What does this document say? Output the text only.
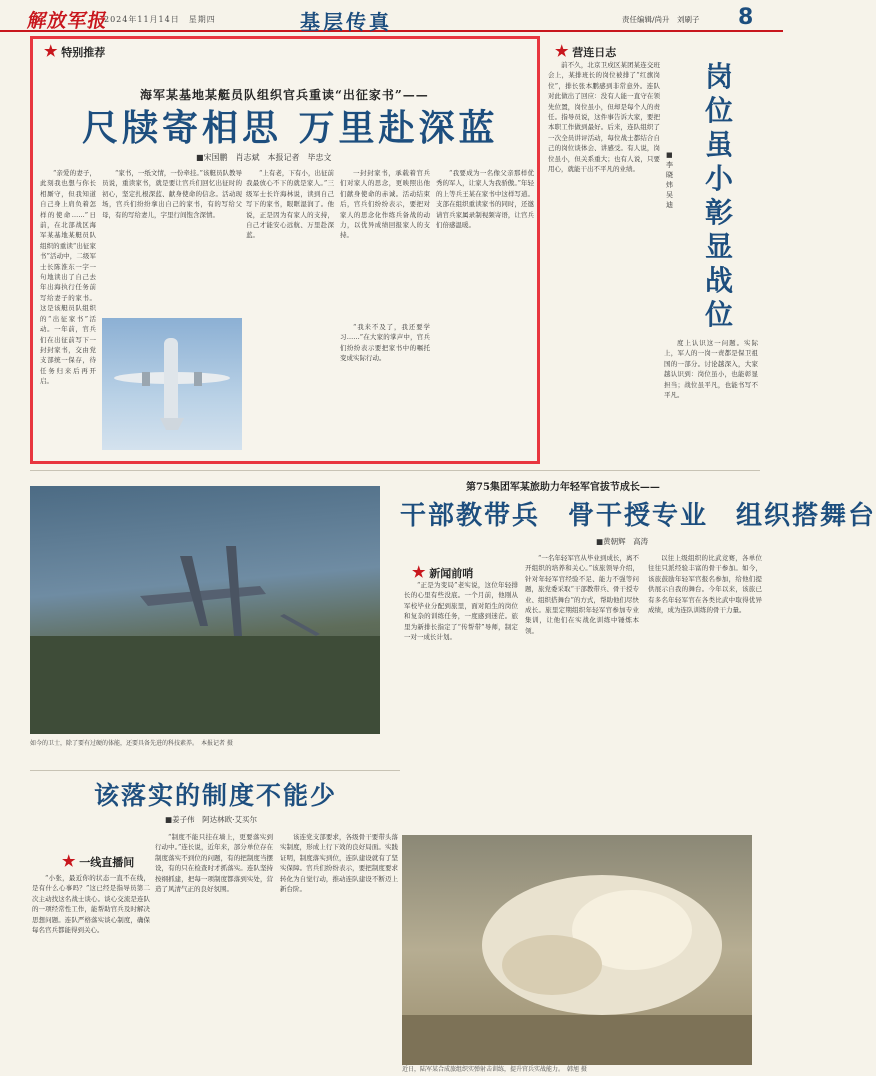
解放军报
2024年11月14日　星期四	基层传真	责任编辑/尚升　刘刷子 8
★ 特别推荐
海军某基地某艇员队组织官兵重读“出征家书”——
尺牍寄相思 万里赴深蓝
■宋国鹏　肖志斌　本报记者　毕忠文

“亲爱的妻子，此刻我也想与你长相厮守，但我知道自己身上肩负着怎样的使命……”日前，在北部战区海军某基地某艇员队组织的重读“出征家书”活动中，二级军士长陈淮东一字一句地读出了自己去年出海执行任务前写给妻子的家书。这是该艇员队组织的“出征家书”活动。一年前，官兵们在出征前写下一封封家书，交由党支部统一保存，待任务归来后再开启。

“家书，一纸文情，一份牵挂。”该艇员队教导员说，重读家书，就是要让官兵们回忆出征时的初心，坚定扎根深蓝、献身使命的信念。活动现场，官兵们纷纷拿出自己的家书，有的写给父母，有的写给妻儿，字里行间饱含深情。

“上有老，下有小，出征前我最放心不下的就是家人。”三级军士长许海林说，读到自己写下的家书，眼眶湿润了。他说，正是因为有家人的支持，自己才能安心远航、万里赴深蓝。

一封封家书，承载着官兵们对家人的思念，更映照出他们献身使命的赤诚。活动结束后，官兵们纷纷表示，要把对家人的思念化作练兵备战的动力，以优异成绩回报家人的支持。

“我来不及了，我还要学习……”在大家的掌声中，官兵们纷纷表示要把家书中的嘱托变成实际行动。

“我要成为一名像父亲那样优秀的军人，让家人为我骄傲。”年轻的上等兵王某在家书中这样写道。支部在组织重读家书的同时，还邀请官兵家属录制视频寄语，让官兵们倍感温暖。

★ 营连日志

前不久，北京卫戍区某团某连交班会上，某排班长的岗位被排了“红旗岗位”，排长张本鹏感到非常意外。连队对此做出了回应：没有人能一直守在领先位置，岗位虽小，但却是每个人的责任。指导员说，这件事告诉大家，要把本职工作做到最好。后来，连队组织了一次全员讲评活动，每位战士都结合自己的岗位谈体会、讲感受。有人说，岗位虽小，但关系重大；也有人说，只要用心，就能干出不平凡的业绩。

岗位虽小彰显战位
■李晓炜　吴迪

度上认识这一问题。实际上，军人的一岗一责都是保卫祖国的一部分。讨论越深入，大家越认识到：岗位虽小，也能彰显担当；战位虽平凡，也能书写不平凡。

第75集团军某旅助力年轻军官拔节成长——
干部教带兵　骨干授专业　组织搭舞台
■黄朝辉　高涛
如今的卫士，除了要有过硬的体能，还要具备先进的科技素养。　本报记者 摄
★ 新闻前哨

“正是为变局”老实说，这位年轻排长的心里有些没底。一个月前，他刚从军校毕业分配到旅里，面对陌生的岗位和复杂的训练任务，一度感到迷茫。旅里为新排长指定了“传帮带”导师，制定一对一成长计划。

“一名年轻军官从毕业到成长，离不开组织的培养和关心。”该旅领导介绍，针对年轻军官经验不足、能力不强等问题，旅党委采取“干部教带兵、骨干授专业、组织搭舞台”的方式，帮助他们尽快成长。旅里定期组织年轻军官参加专业集训，让他们在实战化训练中锤炼本领。

以往上级组织的比武竞赛，各单位往往只派经验丰富的骨干参加。如今，该旅鼓励年轻军官报名参加，给他们提供展示自我的舞台。今年以来，该旅已有多名年轻军官在各类比武中取得优异成绩，成为连队训练的骨干力量。

该落实的制度不能少
■姜子伟　阿达林欧·艾买尔
★ 一线直播间

“小张，最近你的状态一直不在线，是有什么心事吗？”这已经是指导员第二次主动找这名战士谈心。谈心交流是连队的一项经常性工作，能帮助官兵及时解决思想问题。连队严格落实谈心制度，确保每名官兵都能得到关心。

“制度不能只挂在墙上，更要落实到行动中。”连长说，近年来，部分单位存在制度落实不到位的问题，有的把制度当摆设，有的只在检查时才抓落实。连队坚持按纲抓建，把每一项制度都落到实处，营造了风清气正的良好氛围。

该连党支部要求，各级骨干要带头落实制度，形成上行下效的良好局面。实践证明，制度落实到位，连队建设就有了坚实保障。官兵们纷纷表示，要把制度要求转化为自觉行动，推动连队建设不断迈上新台阶。

近日，陆军某合成旅组织实弹射击训练，提升官兵实战能力。　韩旭 摄
